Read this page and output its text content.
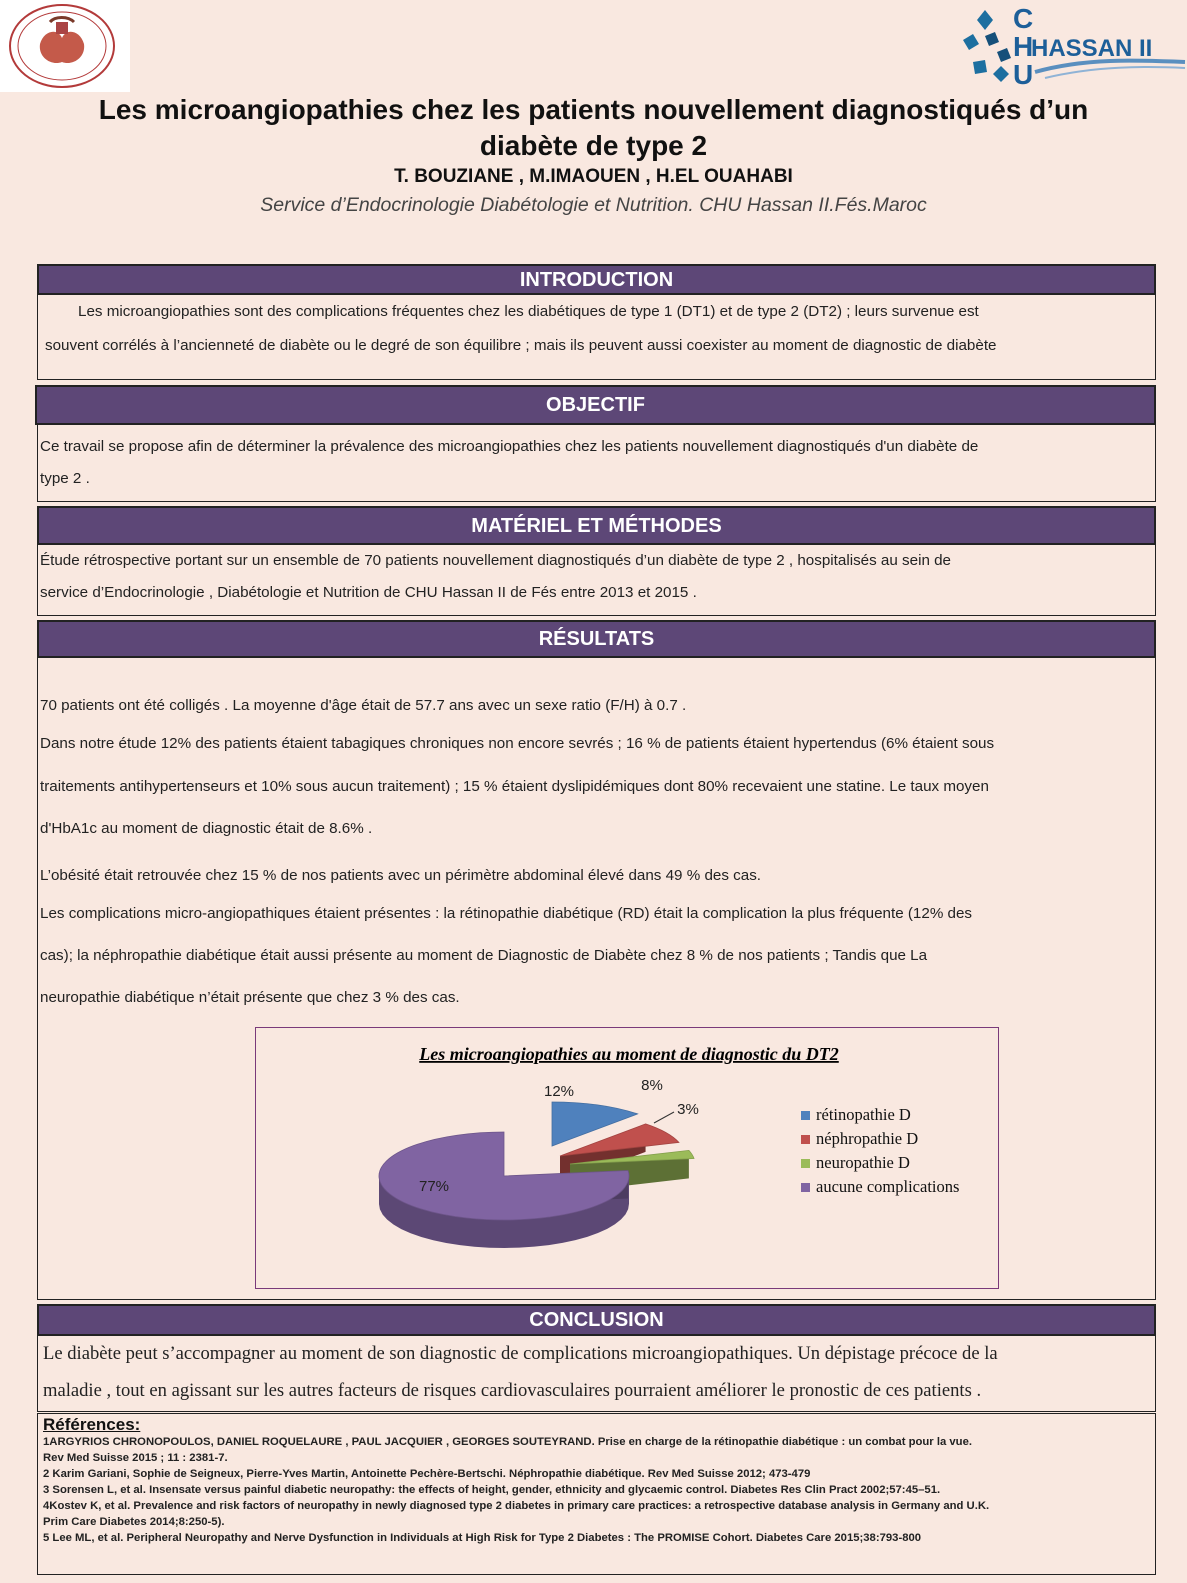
C
H
U
HASSAN II
Les microangiopathies chez les patients nouvellement diagnostiqués d’un
diabète de type 2
T. BOUZIANE , M.IMAOUEN , H.EL OUAHABI
Service d’Endocrinologie Diabétologie et Nutrition. CHU Hassan II.Fés.Maroc
INTRODUCTION
Les microangiopathies sont des complications fréquentes chez les diabétiques de type 1 (DT1) et de type 2 (DT2) ; leurs survenue est
souvent corrélés à l’ancienneté de diabète ou le degré de son équilibre ; mais ils peuvent aussi coexister au moment de diagnostic de diabète
OBJECTIF
Ce travail se propose afin de déterminer la prévalence des microangiopathies chez les patients nouvellement diagnostiqués d'un diabète de
type 2 .
MATÉRIEL ET MÉTHODES
Étude rétrospective portant sur un ensemble de 70 patients nouvellement diagnostiqués d’un diabète de type 2 , hospitalisés au sein de
service d’Endocrinologie , Diabétologie et Nutrition de CHU Hassan II de Fés entre 2013 et 2015 .
RÉSULTATS
70 patients ont été colligés . La moyenne d'âge était de 57.7 ans avec un sexe ratio (F/H) à 0.7 .
Dans notre étude 12% des patients étaient tabagiques chroniques non encore sevrés ; 16 % de patients étaient hypertendus (6% étaient sous
traitements antihypertenseurs et 10% sous aucun traitement) ; 15 % étaient dyslipidémiques dont 80% recevaient une statine. Le taux moyen
d'HbA1c au moment de diagnostic était de 8.6% .
L’obésité était retrouvée chez 15 % de nos patients avec un périmètre abdominal élevé dans 49 % des cas.
Les complications micro-angiopathiques étaient présentes : la rétinopathie diabétique (RD) était la complication la plus fréquente (12% des
cas); la néphropathie diabétique était aussi présente au moment de Diagnostic de Diabète chez 8 % de nos patients ; Tandis que La
neuropathie diabétique n’était présente que chez 3 % des cas.
Les microangiopathies au moment de diagnostic du DT2
12%	8%
3%
77%
rétinopathie D
néphropathie D
neuropathie D
aucune complications
CONCLUSION
Le diabète peut s’accompagner au moment de son diagnostic de complications microangiopathiques. Un dépistage précoce de la
maladie , tout en agissant sur les autres facteurs de risques cardiovasculaires pourraient améliorer le pronostic de ces patients .
Références:
1ARGYRIOS CHRONOPOULOS, DANIEL ROQUELAURE , PAUL JACQUIER , GEORGES SOUTEYRAND. Prise en charge de la rétinopathie diabétique : un combat pour la vue.
Rev Med Suisse 2015 ; 11 : 2381-7.
2 Karim Gariani, Sophie de Seigneux, Pierre-Yves Martin, Antoinette Pechère-Bertschi. Néphropathie diabétique. Rev Med Suisse 2012; 473-479
3 Sorensen L, et al. Insensate versus painful diabetic neuropathy: the effects of height, gender, ethnicity and glycaemic control. Diabetes Res Clin Pract 2002;57:45–51.
4Kostev K, et al. Prevalence and risk factors of neuropathy in newly diagnosed type 2 diabetes in primary care practices: a retrospective database analysis in Germany and U.K.
Prim Care Diabetes 2014;8:250-5).
5 Lee ML, et al. Peripheral Neuropathy and Nerve Dysfunction in Individuals at High Risk for Type 2 Diabetes : The PROMISE Cohort. Diabetes Care 2015;38:793-800
